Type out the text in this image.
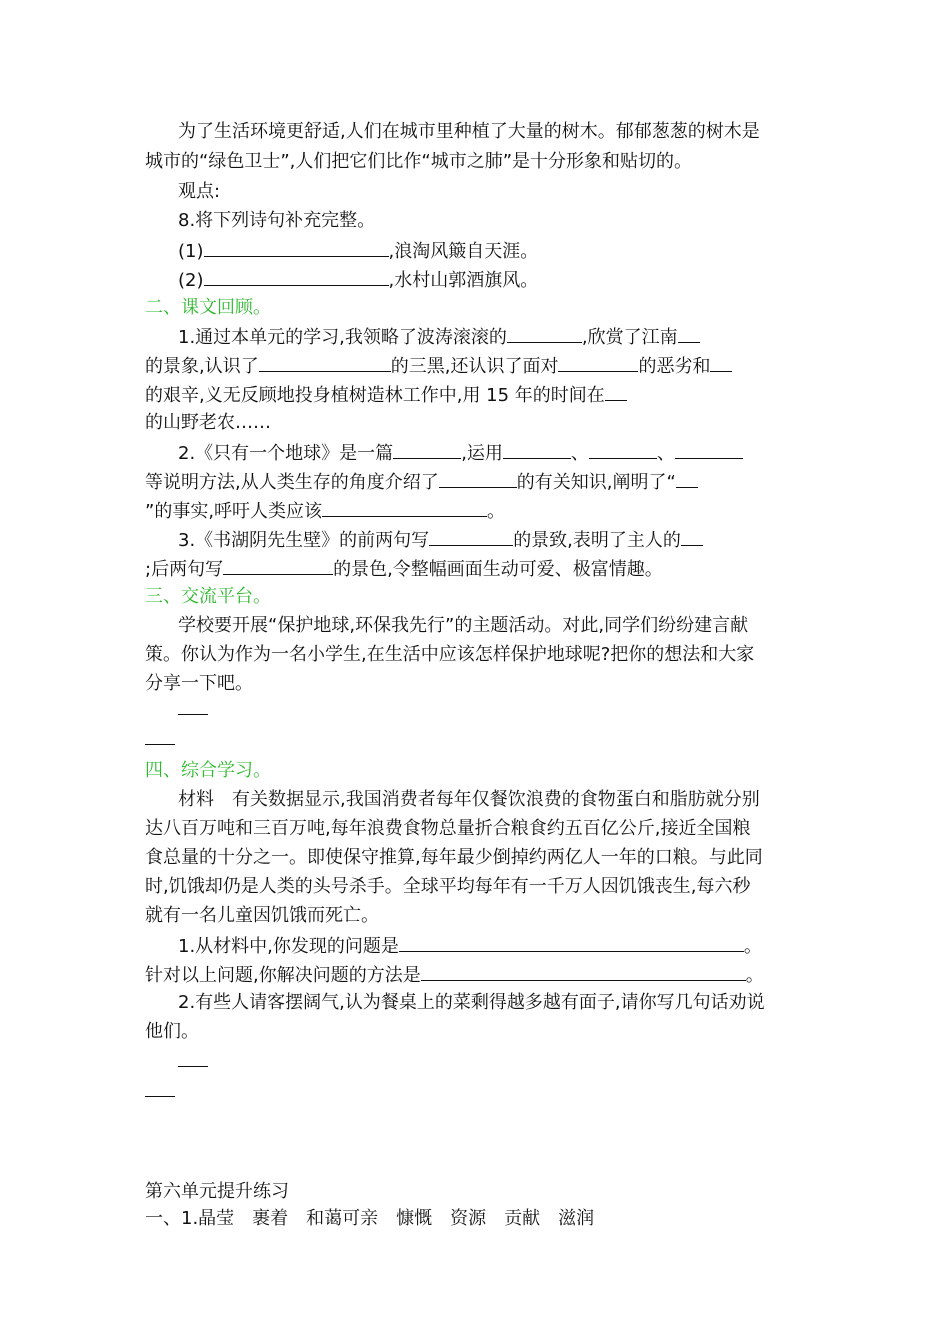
为了生活环境更舒适,人们在城市里种植了大量的树木。郁郁葱葱的树木是
城市的“绿色卫士”,人们把它们比作“城市之肺”是十分形象和贴切的。
观点:
8.将下列诗句补充完整。
(1)	,浪淘风簸自天涯。
(2)	,水村山郭酒旗风。
二、课文回顾。
1.通过本单元的学习,我领略了波涛滚滚的	,欣赏了江南
的景象,认识了	的三黑,还认识了面对	的恶劣和
的艰辛,义无反顾地投身植树造林工作中,用 15 年的时间在
的山野老农……
2.《只有一个地球》是一篇	,运用	、	、
等说明方法,从人类生存的角度介绍了	的有关知识,阐明了“
”的事实,呼吁人类应该	。
3.《书湖阴先生壁》的前两句写	的景致,表明了主人的
;后两句写	的景色,令整幅画面生动可爱、极富情趣。
三、交流平台。
学校要开展“保护地球,环保我先行”的主题活动。对此,同学们纷纷建言献
策。你认为作为一名小学生,在生活中应该怎样保护地球呢?把你的想法和大家
分享一下吧。
四、综合学习。
材料　有关数据显示,我国消费者每年仅餐饮浪费的食物蛋白和脂肪就分别
达八百万吨和三百万吨,每年浪费食物总量折合粮食约五百亿公斤,接近全国粮
食总量的十分之一。即使保守推算,每年最少倒掉约两亿人一年的口粮。与此同
时,饥饿却仍是人类的头号杀手。全球平均每年有一千万人因饥饿丧生,每六秒
就有一名儿童因饥饿而死亡。
1.从材料中,你发现的问题是	。
针对以上问题,你解决问题的方法是	。
2.有些人请客摆阔气,认为餐桌上的菜剩得越多越有面子,请你写几句话劝说
他们。
第六单元提升练习
一、1.晶莹　裹着　和蔼可亲　慷慨　资源　贡献　滋润
